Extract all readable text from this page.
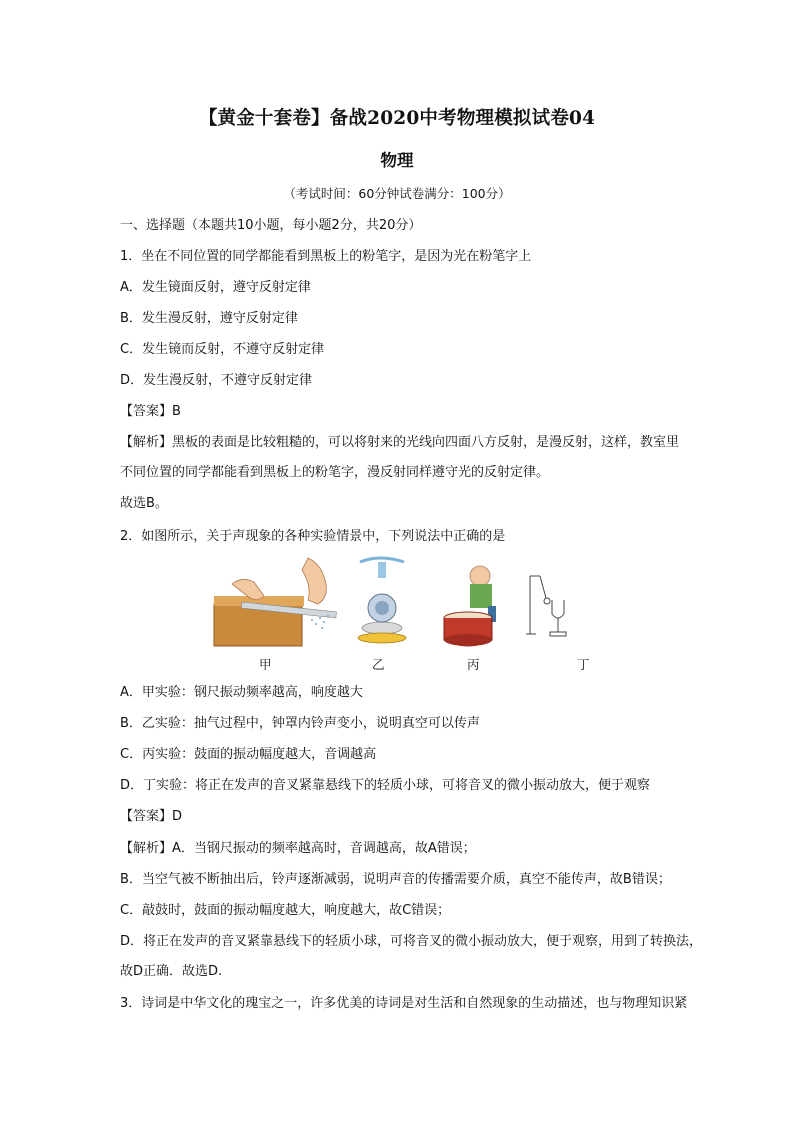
【黄金十套卷】备战2020中考物理模拟试卷04
物理
（考试时间：60分钟试卷满分：100分）
一、选择题（本题共10小题，每小题2分，共20分）
1．坐在不同位置的同学都能看到黑板上的粉笔字，是因为光在粉笔字上
A．发生镜面反射，遵守反射定律
B．发生漫反射，遵守反射定律
C．发生镜而反射，不遵守反射定律
D．发生漫反射，不遵守反射定律
【答案】B
【解析】黑板的表面是比较粗糙的，可以将射来的光线向四面八方反射，是漫反射，这样，教室里
不同位置的同学都能看到黑板上的粉笔字，漫反射同样遵守光的反射定律。
故选B。
2．如图所示，关于声现象的各种实验情景中，下列说法中正确的是
甲	乙	丙	丁
A．甲实验：钢尺振动频率越高，响度越大
B．乙实验：抽气过程中，钟罩内铃声变小，说明真空可以传声
C．丙实验：鼓面的振动幅度越大，音调越高
D．丁实验：将正在发声的音叉紧靠悬线下的轻质小球，可将音叉的微小振动放大，便于观察
【答案】D
【解析】A．当钢尺振动的频率越高时，音调越高，故A错误；
B．当空气被不断抽出后，铃声逐渐减弱，说明声音的传播需要介质，真空不能传声，故B错误；
C．敲鼓时，鼓面的振动幅度越大，响度越大，故C错误；
D．将正在发声的音叉紧靠悬线下的轻质小球，可将音叉的微小振动放大，便于观察，用到了转换法，
故D正确．故选D.
3．诗词是中华文化的瑰宝之一，许多优美的诗词是对生活和自然现象的生动描述，也与物理知识紧
